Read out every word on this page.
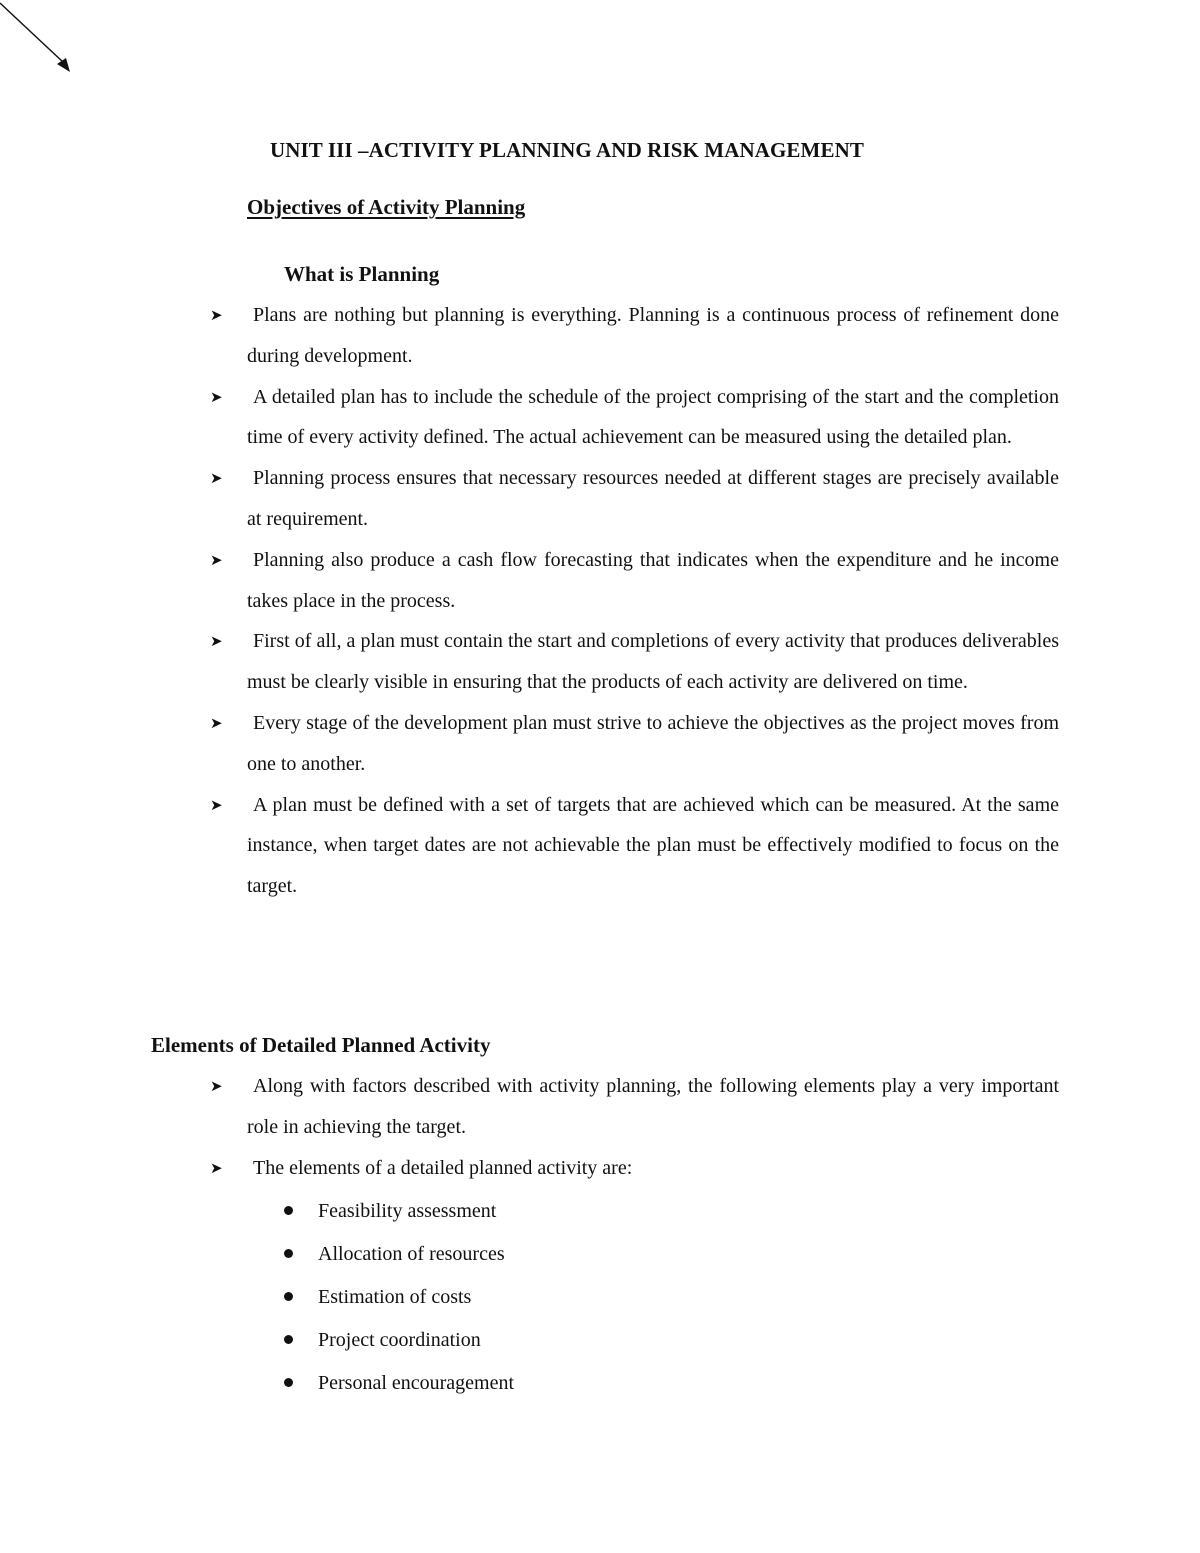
UNIT III –ACTIVITY PLANNING AND RISK MANAGEMENT
Objectives of Activity Planning
What is Planning
➤ Plans are nothing but planning is everything. Planning is a continuous process of refinement done during development.
➤ A detailed plan has to include the schedule of the project comprising of the start and the completion time of every activity defined. The actual achievement can be measured using the detailed plan.
➤ Planning process ensures that necessary resources needed at different stages are precisely available at requirement.
➤ Planning also produce a cash flow forecasting that indicates when the expenditure and he income takes place in the process.
➤ First of all, a plan must contain the start and completions of every activity that produces deliverables must be clearly visible in ensuring that the products of each activity are delivered on time.
➤ Every stage of the development plan must strive to achieve the objectives as the project moves from one to another.
➤ A plan must be defined with a set of targets that are achieved which can be measured. At the same instance, when target dates are not achievable the plan must be effectively modified to focus on the target.
Elements of Detailed Planned Activity
➤ Along with factors described with activity planning, the following elements play a very important role in achieving the target.
➤ The elements of a detailed planned activity are:
Feasibility assessment
Allocation of resources
Estimation of costs
Project coordination
Personal encouragement
